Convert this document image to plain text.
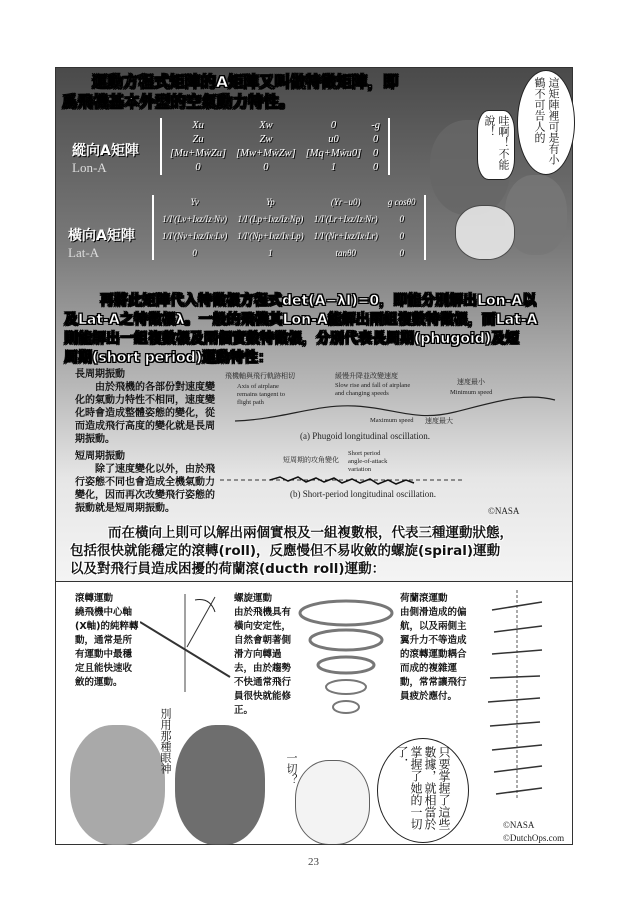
運動方程式矩陣的A矩陣又叫做特徵矩陣，即
爲飛機基本外型的空氣動力特性。
縱向A矩陣
Lon-A
Xu	Xw	0	-g
Zu	Zw	u0	0
[Mu+MẇZu] [Mw+MẇZw] [Mq+Mẇu0] 0
0	0	1	0
橫向A矩陣
Lat-A
Yv	Yp	(Yr−u0)	g cosθ0
1/I′(Lv+Ixz/Iz·Nv) 1/I′(Lp+Ixz/Iz·Np) 1/I′(Lr+Ixz/Iz·Nr)	0
1/I′(Nv+Ixz/Ix·Lv) 1/I′(Np+Ixz/Ix·Lp) 1/I′(Nr+Ixz/Ix·Lr)	0
0	1	tanθ0	0
這矩陣裡可是有小鶴不可告人的
哇啊！不能說！
再將此矩陣代入特徵根方程式det(A−λI)=0，即能分別解出Lon-A以
及Lat-A之特徵根λ。一般的飛機其Lon-A能解出兩組複數特徵根，而Lat-A
則能解出一組複數根及兩個實數特徵根，分別代表長周期(phugoid)及短
周期(short period)運動特性：
長周期振動
由於飛機的各部份對速度變化的氣動力特性不相同，速度變化時會造成整體姿態的變化，從而造成飛行高度的變化就是長周期振動。
短周期振動
除了速度變化以外，由於飛行姿態不同也會造成全機氣動力變化，因而再次改變飛行姿態的振動就是短周期振動。
飛機軸與飛行軌跡相切
Axis of airplane remains tangent to flight path
緩慢升降並改變速度
Slow rise and fall of airplane and changing speeds
速度最小
Minimum speed
Maximum speed 速度最大
(a) Phugoid longitudinal oscillation.
短周期的攻角變化
Short period angle-of-attack variation
(b) Short-period longitudinal oscillation.
©NASA
而在橫向上則可以解出兩個實根及一組複數根，代表三種運動狀態，
包括很快就能穩定的滾轉(roll)，反應慢但不易收斂的螺旋(spiral)運動
以及對飛行員造成困擾的荷蘭滾(ducth roll)運動：
滾轉運動
繞飛機中心軸(X軸)的純粹轉動，通常是所有運動中最穩定且能快速收斂的運動。
螺旋運動
由於飛機具有橫向安定性，自然會朝著側滑方向轉過去，由於趨勢不快通常飛行員很快就能修正。
荷蘭滾運動
由側滑造成的偏航，以及兩側主翼升力不等造成的滾轉運動耦合而成的複雜運動，常常讓飛行員疲於應付。
別用那種眼神	一切？	只要掌握了這些數據，就相當於掌握了她的一切了．
©NASA
©DutchOps.com
23
